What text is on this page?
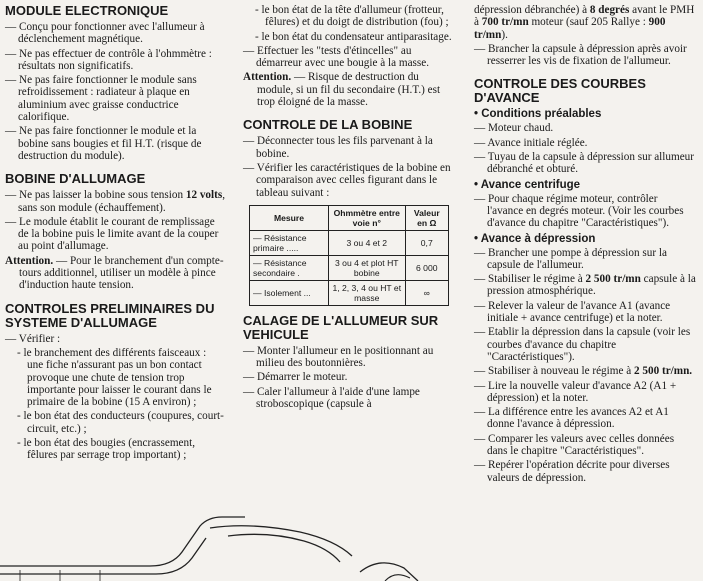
MODULE ELECTRONIQUE
— Conçu pour fonctionner avec l'allumeur à déclenchement magnétique.
— Ne pas effectuer de contrôle à l'ohmmètre : résultats non significatifs.
— Ne pas faire fonctionner le module sans refroidissement : radiateur à plaque en aluminium avec graisse conductrice calorifique.
— Ne pas faire fonctionner le module et la bobine sans bougies et fil H.T. (risque de destruction du module).
BOBINE D'ALLUMAGE
— Ne pas laisser la bobine sous tension 12 volts, sans son module (échauffement).
— Le module établit le courant de remplissage de la bobine puis le limite avant de la couper au point d'allumage.
Attention. — Pour le branchement d'un compte-tours additionnel, utiliser un modèle à pince d'induction haute tension.
CONTROLES PRELIMINAIRES DU SYSTEME D'ALLUMAGE
— Vérifier :
- le branchement des différents faisceaux : une fiche n'assurant pas un bon contact provoque une chute de tension trop importante pour laisser le courant dans le primaire de la bobine (15 A environ) ;
- le bon état des conducteurs (coupures, court-circuit, etc.) ;
- le bon état des bougies (encrassement, fêlures par serrage trop important) ;
- le bon état de la tête d'allumeur (frotteur, fêlures) et du doigt de distribution (fou) ;
- le bon état du condensateur antiparasitage.
— Effectuer les "tests d'étincelles" au démarreur avec une bougie à la masse.
Attention. — Risque de destruction du module, si un fil du secondaire (H.T.) est trop éloigné de la masse.
CONTROLE DE LA BOBINE
— Déconnecter tous les fils parvenant à la bobine.
— Vérifier les caractéristiques de la bobine en comparaison avec celles figurant dans le tableau suivant :
Mesure	Ohmmètre entre voie n°	Valeur en Ω
— Résistance primaire .....	3 ou 4 et 2	0,7
— Résistance secondaire .	3 ou 4 et plot HT bobine	6 000
— Isolement ...	1, 2, 3, 4 ou HT et masse	∞
CALAGE DE L'ALLUMEUR SUR VEHICULE
— Monter l'allumeur en le positionnant au milieu des boutonnières.
— Démarrer le moteur.
— Caler l'allumeur à l'aide d'une lampe stroboscopique (capsule à
dépression débranchée) à 8 degrés avant le PMH à 700 tr/mn moteur (sauf 205 Rallye : 900 tr/mn).
— Brancher la capsule à dépression après avoir resserrer les vis de fixation de l'allumeur.
CONTROLE DES COURBES D'AVANCE
• Conditions préalables
— Moteur chaud.
— Avance initiale réglée.
— Tuyau de la capsule à dépression sur allumeur débranché et obturé.
• Avance centrifuge
— Pour chaque régime moteur, contrôler l'avance en degrés moteur. (Voir les courbes d'avance du chapitre "Caractéristiques").
• Avance à dépression
— Brancher une pompe à dépression sur la capsule de l'allumeur.
— Stabiliser le régime à 2 500 tr/mn capsule à la pression atmosphérique.
— Relever la valeur de l'avance A1 (avance initiale + avance centrifuge) et la noter.
— Etablir la dépression dans la capsule (voir les courbes d'avance du chapitre "Caractéristiques").
— Stabiliser à nouveau le régime à 2 500 tr/mn.
— Lire la nouvelle valeur d'avance A2 (A1 + dépression) et la noter.
— La différence entre les avances A2 et A1 donne l'avance à dépression.
— Comparer les valeurs avec celles données dans le chapitre "Caractéristiques".
— Repérer l'opération décrite pour diverses valeurs de dépression.
